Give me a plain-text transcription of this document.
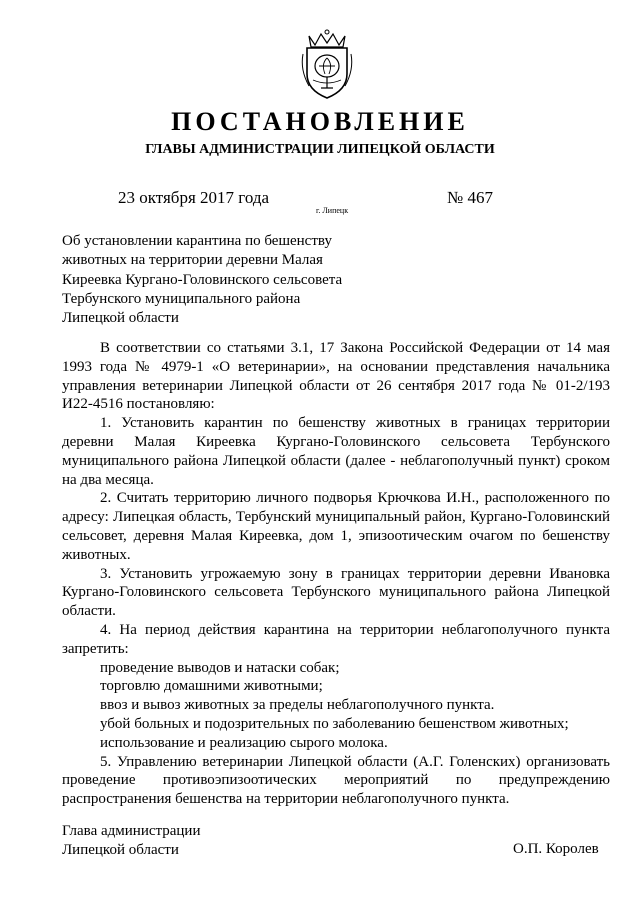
ПОСТАНОВЛЕНИЕ
ГЛАВЫ АДМИНИСТРАЦИИ ЛИПЕЦКОЙ ОБЛАСТИ
23 октября 2017 года
г. Липецк
№ 467
Об установлении карантина по бешенству
животных на территории деревни Малая
Киреевка Кургано-Головинского сельсовета
Тербунского муниципального района
Липецкой области

В соответствии со статьями 3.1, 17 Закона Российской Федерации от 14 мая 1993 года № 4979-1 «О ветеринарии», на основании представления начальника управления ветеринарии Липецкой области от 26 сентября 2017 года № 01-2/193 И22-4516 постановляю:

1. Установить карантин по бешенству животных в границах территории деревни Малая Киреевка Кургано-Головинского сельсовета Тербунского муниципального района Липецкой области (далее - неблагополучный пункт) сроком на два месяца.

2. Считать территорию личного подворья Крючкова И.Н., расположенного по адресу: Липецкая область, Тербунский муниципальный район, Кургано-Головинский сельсовет, деревня Малая Киреевка, дом 1, эпизоотическим очагом по бешенству животных.

3. Установить угрожаемую зону в границах территории деревни Ивановка Кургано-Головинского сельсовета Тербунского муниципального района Липецкой области.

4. На период действия карантина на территории неблагополучного пункта запретить:

проведение выводов и натаски собак;

торговлю домашними животными;

ввоз и вывоз животных за пределы неблагополучного пункта.

убой больных и подозрительных по заболеванию бешенством животных;

использование и реализацию сырого молока.

5. Управлению ветеринарии Липецкой области (А.Г. Голенских) организовать проведение противоэпизоотических мероприятий по предупреждению распространения бешенства на территории неблагополучного пункта.

Глава администрации
Липецкой области	О.П. Королев
